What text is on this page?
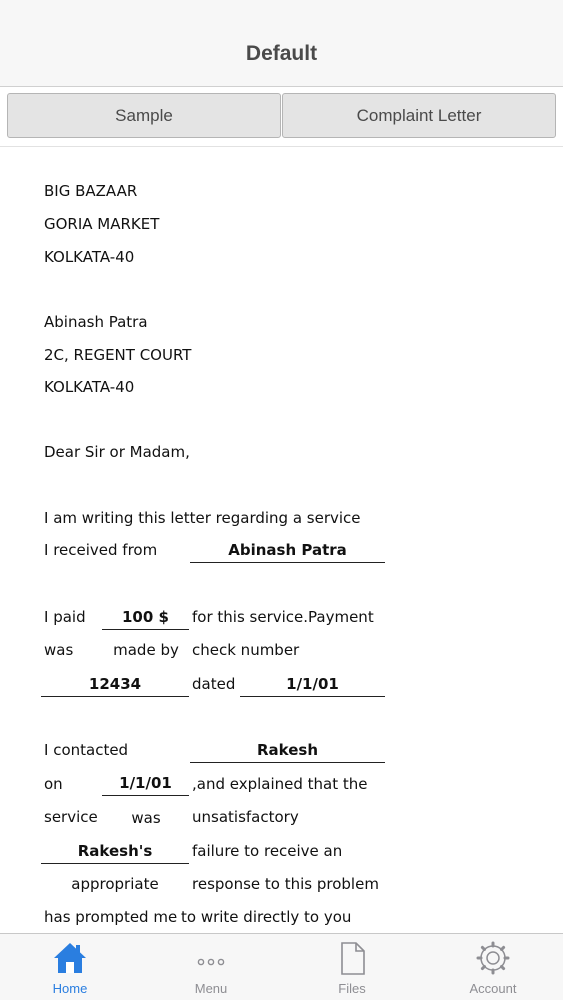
Default
Sample	Complaint Letter
BIG BAZAAR
GORIA MARKET
KOLKATA-40
Abinash Patra
2C, REGENT COURT
KOLKATA-40
Dear Sir or Madam,
I am writing this letter regarding a service
I received from	Abinash Patra
I paid	100 $	for this service.Payment
was	made by check number
12434	dated	1/1/01
I contacted	Rakesh
on	1/1/01	,and explained that the
service	was	unsatisfactory
Rakesh's	failure to receive an
appropriate	response to this problem
has prompted me to write directly to you
Home	Menu	Files	Account
